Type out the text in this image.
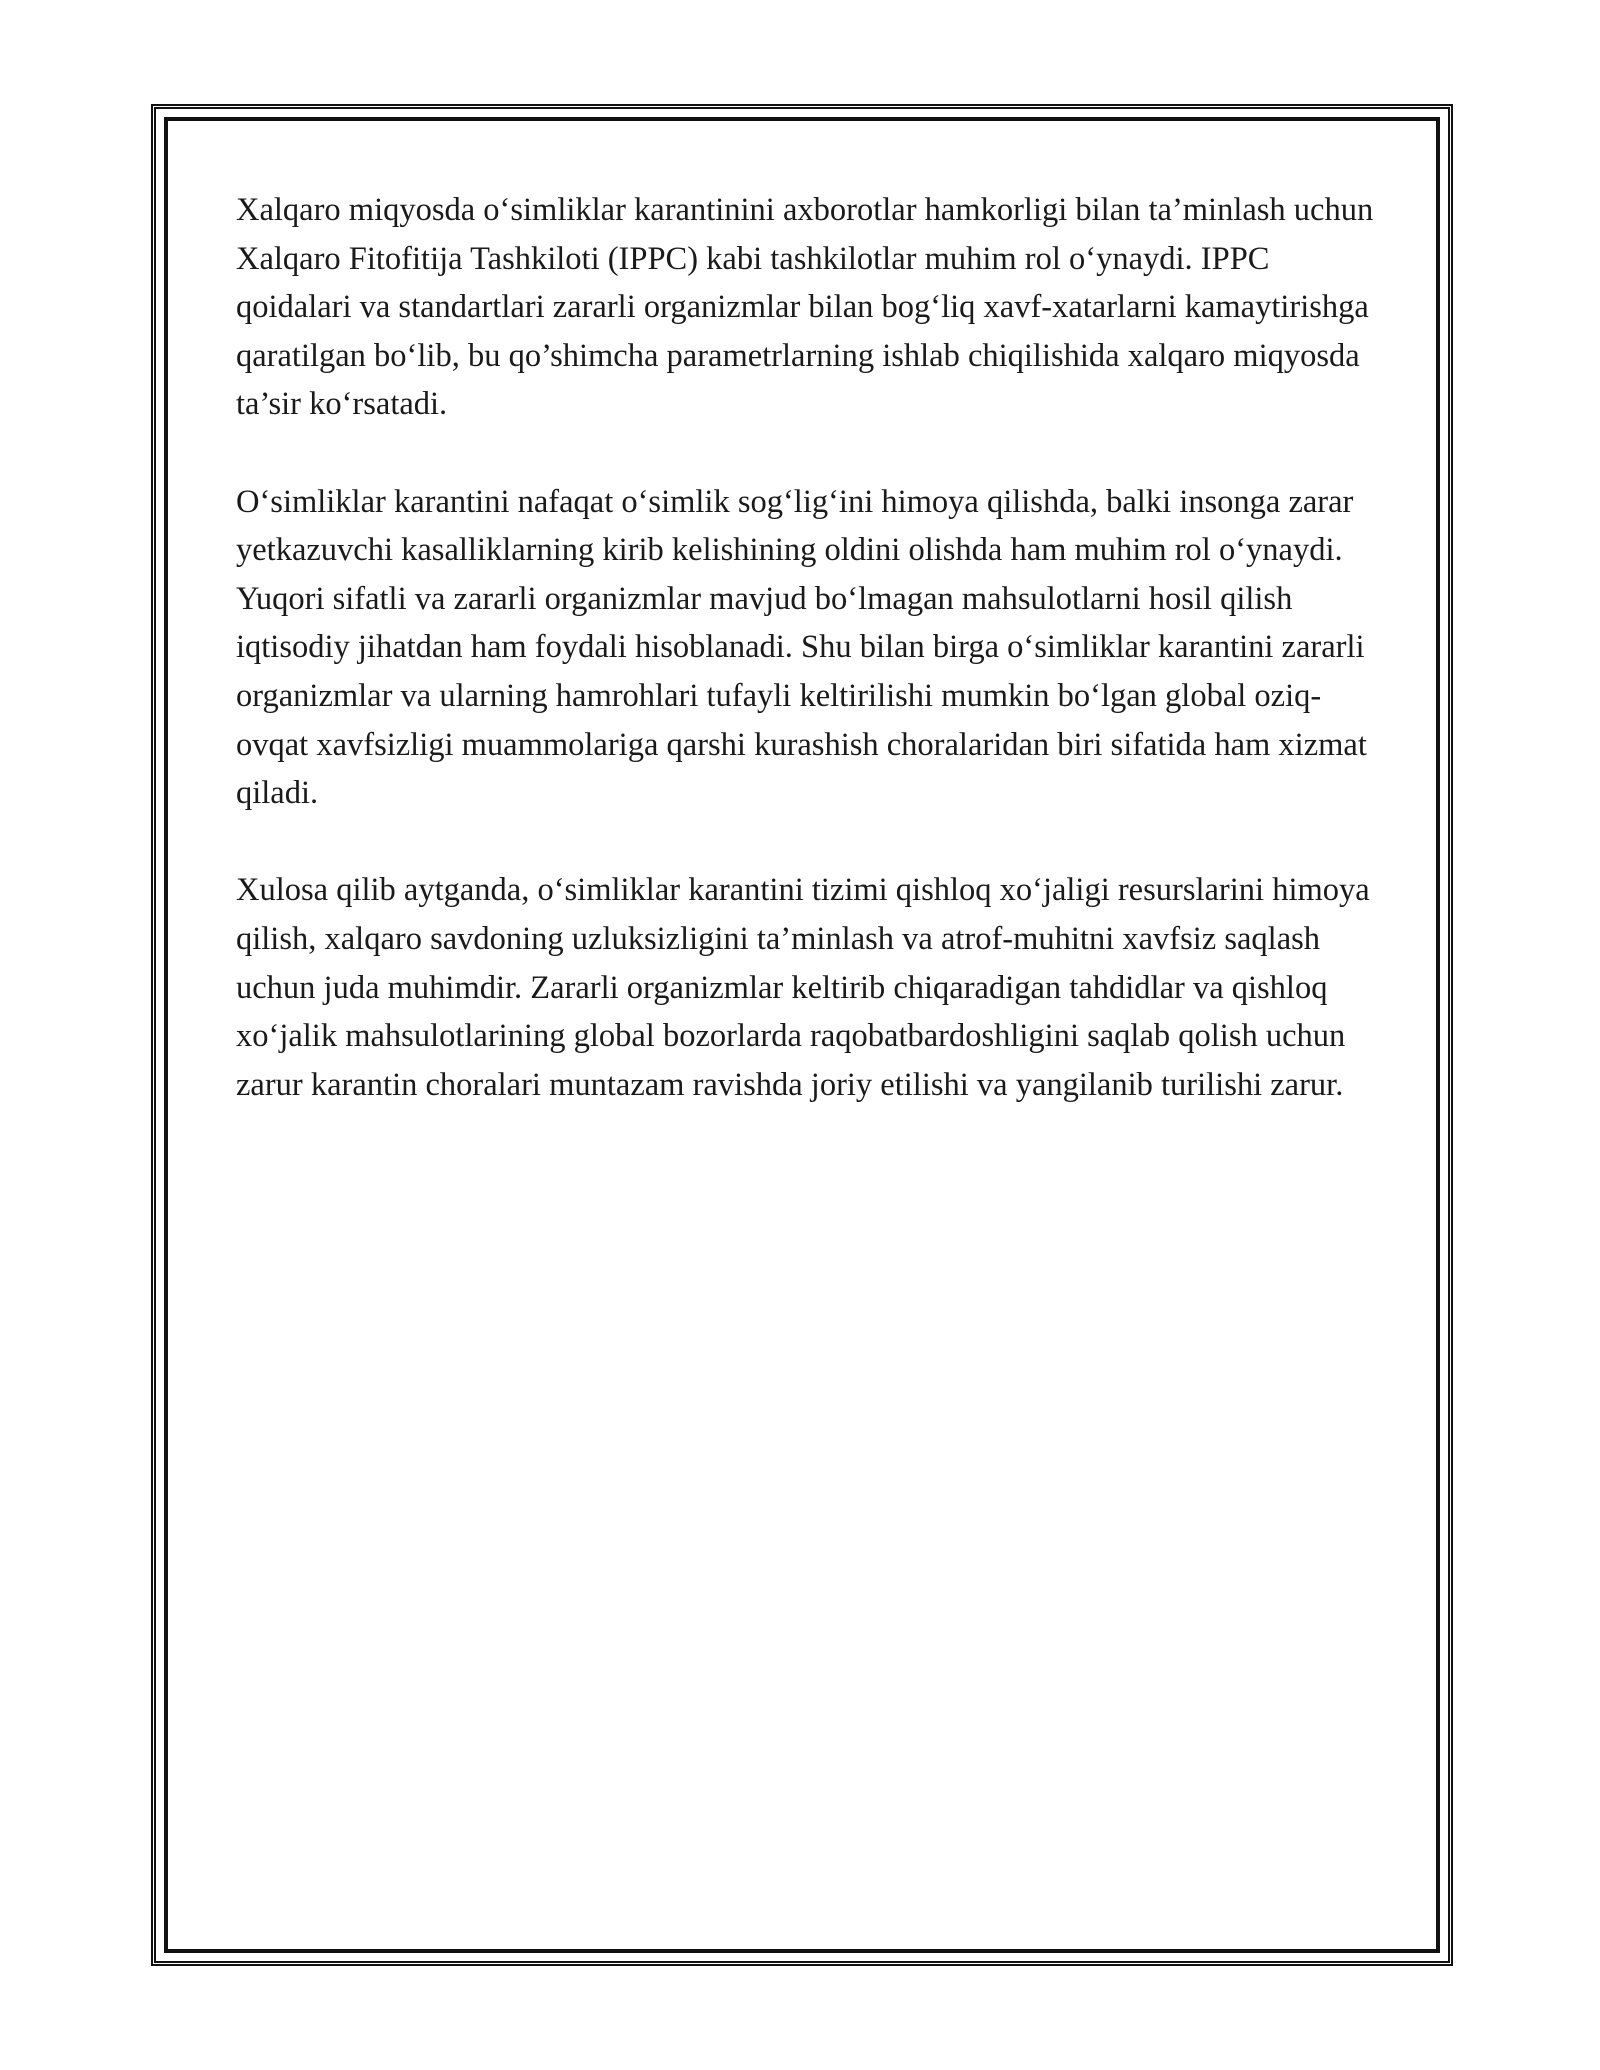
Xalqaro miqyosda o‘simliklar karantinini axborotlar hamkorligi bilan ta’minlash uchun Xalqaro Fitofitija Tashkiloti (IPPC) kabi tashkilotlar muhim rol o‘ynaydi. IPPC qoidalari va standartlari zararli organizmlar bilan bog‘liq xavf-xatarlarni kamaytirishga qaratilgan bo‘lib, bu qo’shimcha parametrlarning ishlab chiqilishida xalqaro miqyosda ta’sir ko‘rsatadi.

O‘simliklar karantini nafaqat o‘simlik sog‘lig‘ini himoya qilishda, balki insonga zarar yetkazuvchi kasalliklarning kirib kelishining oldini olishda ham muhim rol o‘ynaydi. Yuqori sifatli va zararli organizmlar mavjud bo‘lmagan mahsulotlarni hosil qilish iqtisodiy jihatdan ham foydali hisoblanadi. Shu bilan birga o‘simliklar karantini zararli organizmlar va ularning hamrohlari tufayli keltirilishi mumkin bo‘lgan global oziq-ovqat xavfsizligi muammolariga qarshi kurashish choralaridan biri sifatida ham xizmat qiladi.

Xulosa qilib aytganda, o‘simliklar karantini tizimi qishloq xo‘jaligi resurslarini himoya qilish, xalqaro savdoning uzluksizligini ta’minlash va atrof-muhitni xavfsiz saqlash uchun juda muhimdir. Zararli organizmlar keltirib chiqaradigan tahdidlar va qishloq xo‘jalik mahsulotlarining global bozorlarda raqobatbardoshligini saqlab qolish uchun zarur karantin choralari muntazam ravishda joriy etilishi va yangilanib turilishi zarur.
